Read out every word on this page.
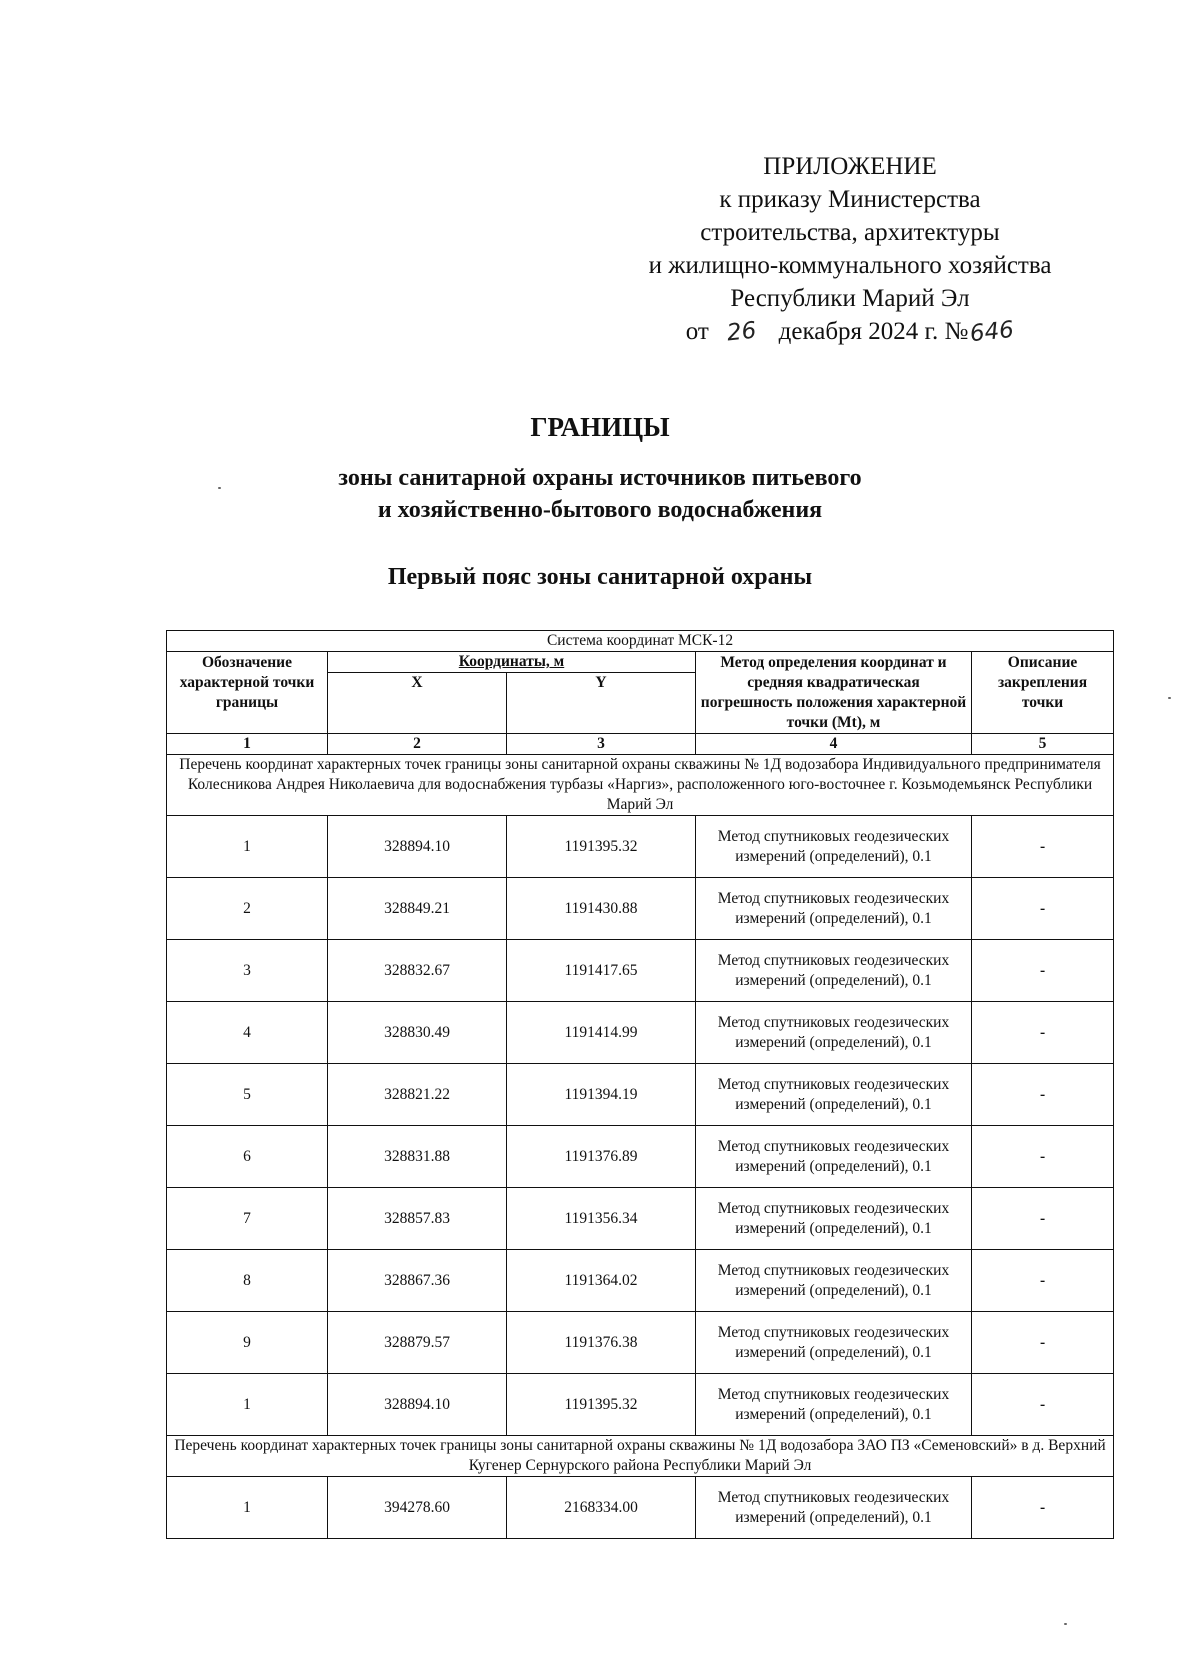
ПРИЛОЖЕНИЕ
к приказу Министерства
строительства, архитектуры
и жилищно-коммунального хозяйства
Республики Марий Эл
от 26 декабря 2024 г. №646
ГРАНИЦЫ
зоны санитарной охраны источников питьевого
и хозяйственно-бытового водоснабжения
Первый пояс зоны санитарной охраны
Система координат МСК-12				
Обозначение характерной точки границы	Координаты, м		Метод определения координат и средняя квадратическая погрешность положения характерной точки (Mt), м	Описание закрепления точки
	X	Y		
1	2	3	4	5
Перечень координат характерных точек границы зоны санитарной охраны скважины № 1Д водозабора Индивидуального предпринимателя Колесникова Андрея Николаевича для водоснабжения турбазы «Наргиз», расположенного юго-восточнее г. Козьмодемьянск Республики Марий Эл				
1	328894.10	1191395.32	Метод спутниковых геодезических измерений (определений), 0.1	-
2	328849.21	1191430.88	Метод спутниковых геодезических измерений (определений), 0.1	-
3	328832.67	1191417.65	Метод спутниковых геодезических измерений (определений), 0.1	-
4	328830.49	1191414.99	Метод спутниковых геодезических измерений (определений), 0.1	-
5	328821.22	1191394.19	Метод спутниковых геодезических измерений (определений), 0.1	-
6	328831.88	1191376.89	Метод спутниковых геодезических измерений (определений), 0.1	-
7	328857.83	1191356.34	Метод спутниковых геодезических измерений (определений), 0.1	-
8	328867.36	1191364.02	Метод спутниковых геодезических измерений (определений), 0.1	-
9	328879.57	1191376.38	Метод спутниковых геодезических измерений (определений), 0.1	-
1	328894.10	1191395.32	Метод спутниковых геодезических измерений (определений), 0.1	-
Перечень координат характерных точек границы зоны санитарной охраны скважины № 1Д водозабора ЗАО ПЗ «Семеновский» в д. Верхний Кугенер Сернурского района Республики Марий Эл				
1	394278.60	2168334.00	Метод спутниковых геодезических измерений (определений), 0.1	-
